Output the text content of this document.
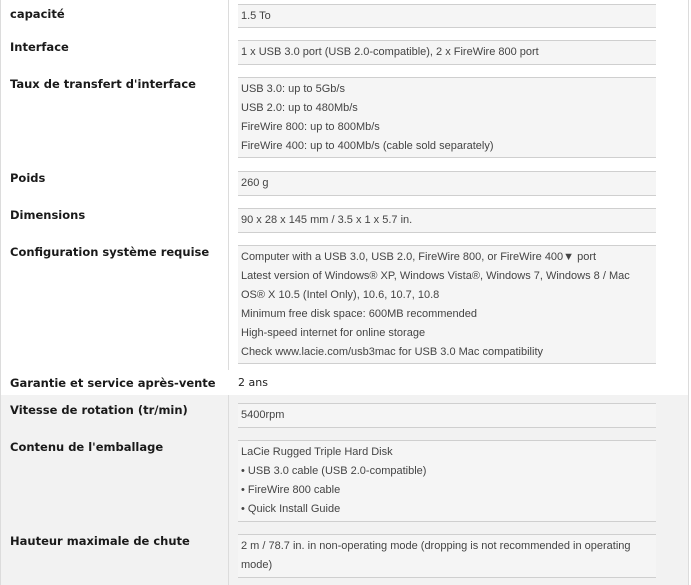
capacité	1.5 To
Interface	1 x USB 3.0 port (USB 2.0-compatible), 2 x FireWire 800 port
Taux de transfert d'interface	USB 3.0: up to 5Gb/s
USB 2.0: up to 480Mb/s
FireWire 800: up to 800Mb/s
FireWire 400: up to 400Mb/s (cable sold separately)
Poids	260 g
Dimensions	90 x 28 x 145 mm / 3.5 x 1 x 5.7 in.
Configuration système requise	Computer with a USB 3.0, USB 2.0, FireWire 800, or FireWire 400▼ port
Latest version of Windows® XP, Windows Vista®, Windows 7, Windows 8 / Mac
OS® X 10.5 (Intel Only), 10.6, 10.7, 10.8
Minimum free disk space: 600MB recommended
High-speed internet for online storage
Check www.lacie.com/usb3mac for USB 3.0 Mac compatibility
Garantie et service après-vente 2 ans
Vitesse de rotation (tr/min)	5400rpm
Contenu de l'emballage	LaCie Rugged Triple Hard Disk
• USB 3.0 cable (USB 2.0-compatible)
• FireWire 800 cable
• Quick Install Guide
Hauteur maximale de chute	2 m / 78.7 in. in non-operating mode (dropping is not recommended in operating
mode)
